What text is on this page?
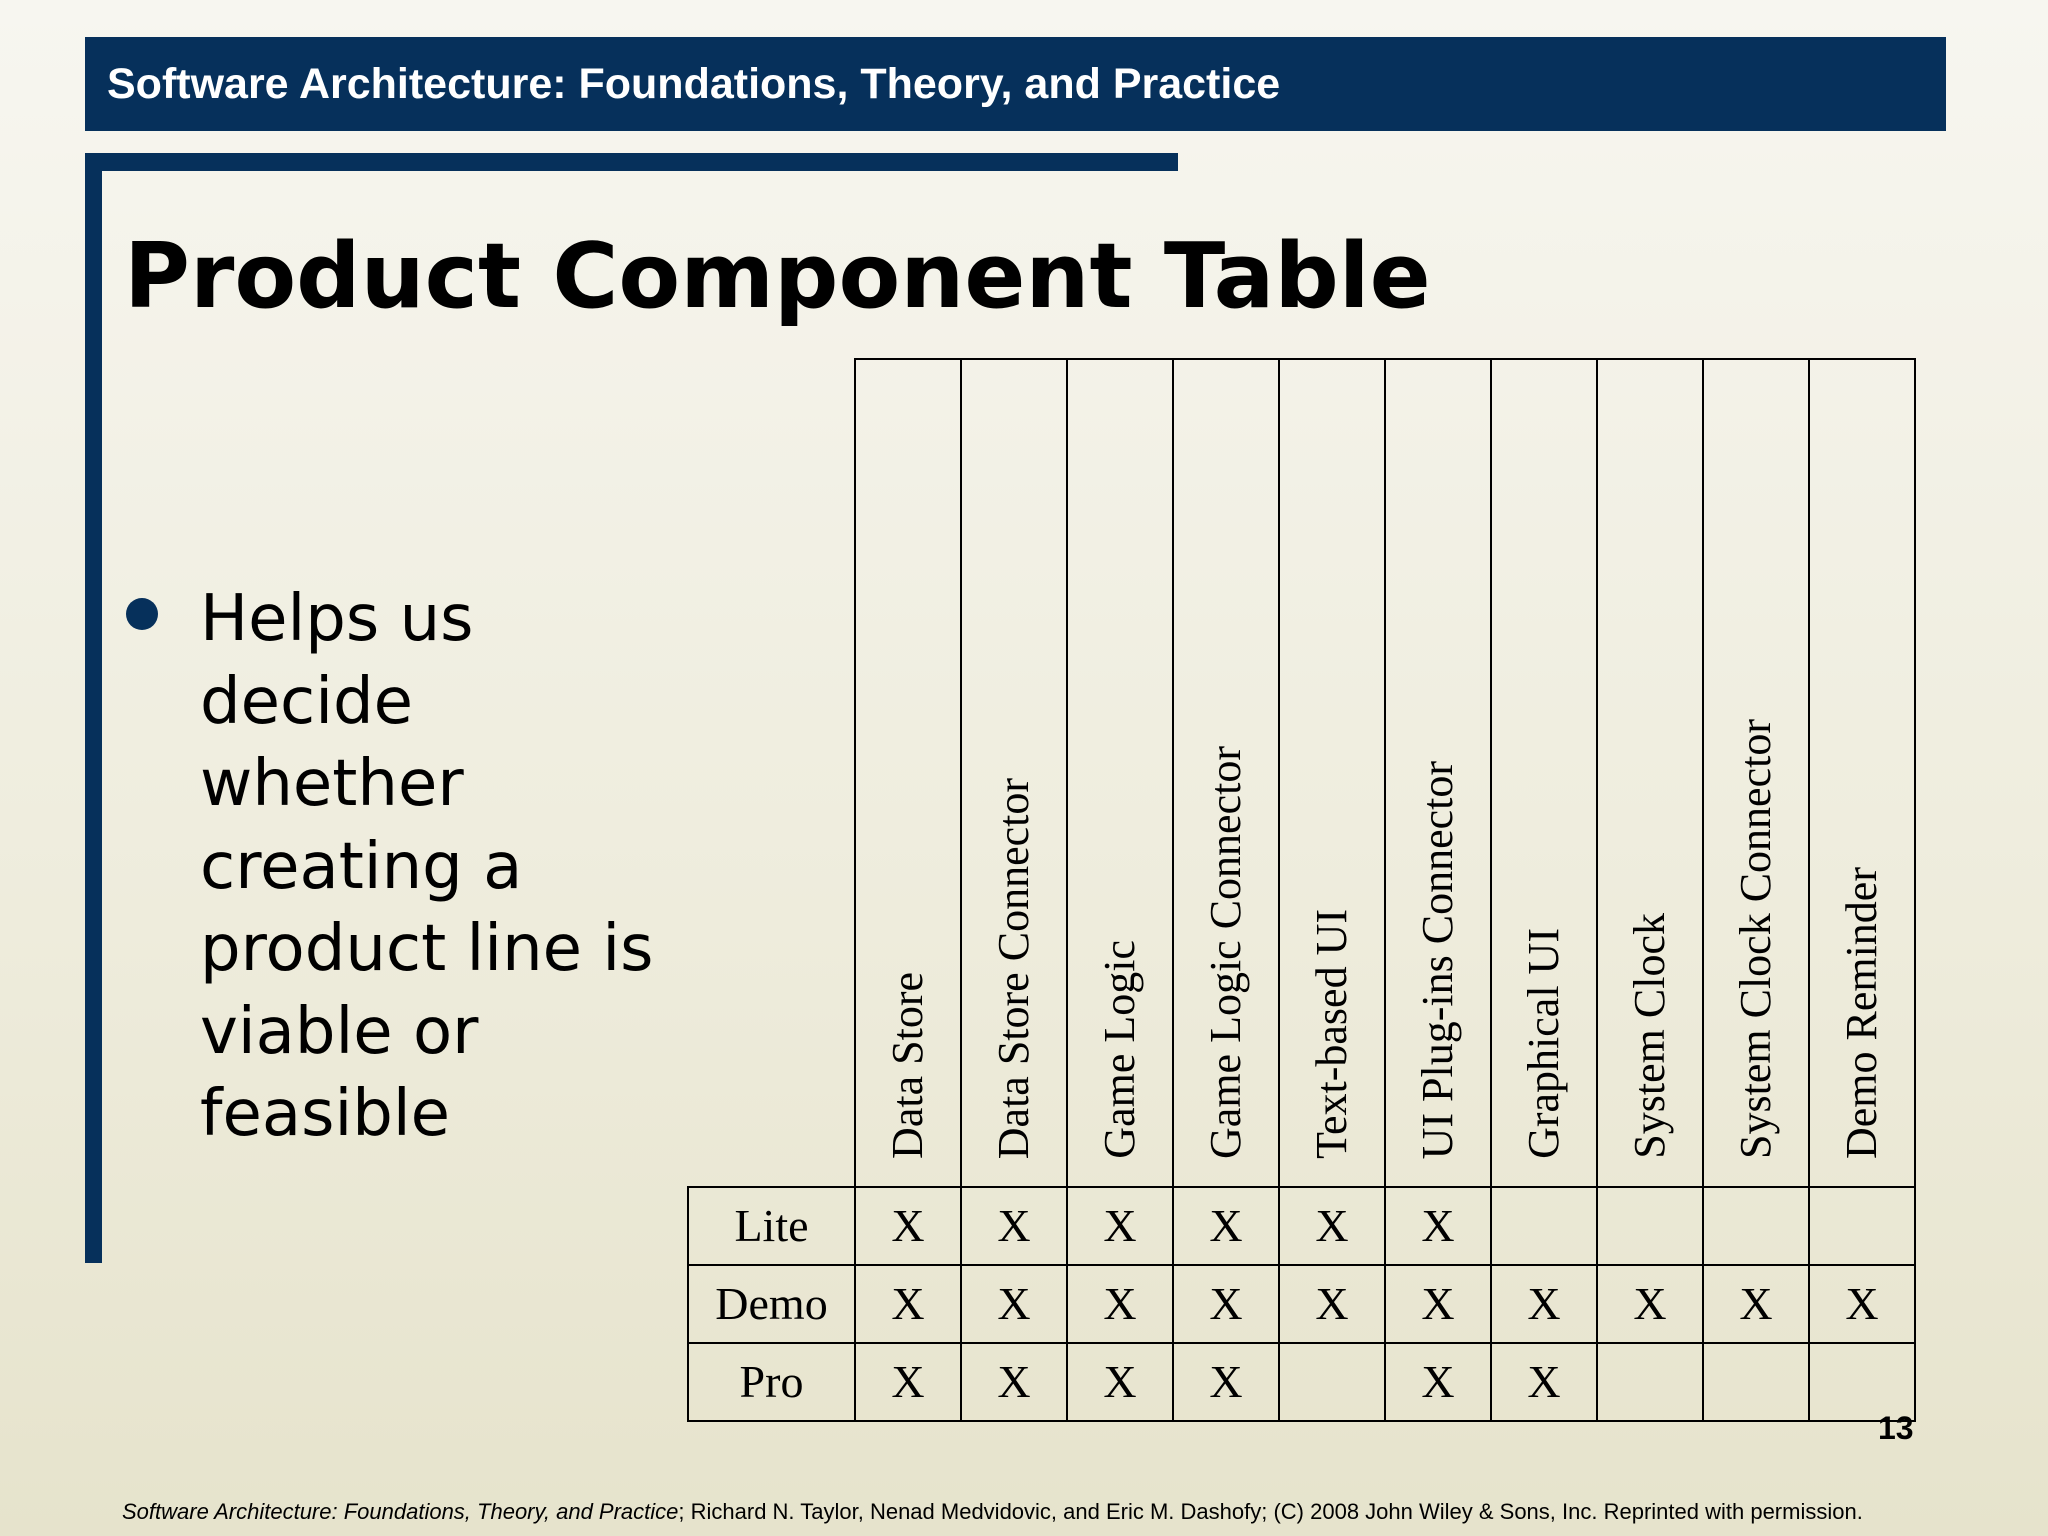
Software Architecture: Foundations, Theory, and Practice
Product Component Table
Helps us decide whether creating a product line is viable or feasible
		Data Store	Data Store Connector	Game Logic	Game Logic Connector	Text-based UI	UI Plug-ins Connector	Graphical UI	System Clock	System Clock Connector	Demo Reminder
Lite	X	X	X	X	X	X				
Demo	X	X	X	X	X	X	X	X	X	X
Pro	X	X	X	X		X	X			
13
Software Architecture: Foundations, Theory, and Practice; Richard N. Taylor, Nenad Medvidovic, and Eric M. Dashofy; (C) 2008 John Wiley & Sons, Inc. Reprinted with permission.
